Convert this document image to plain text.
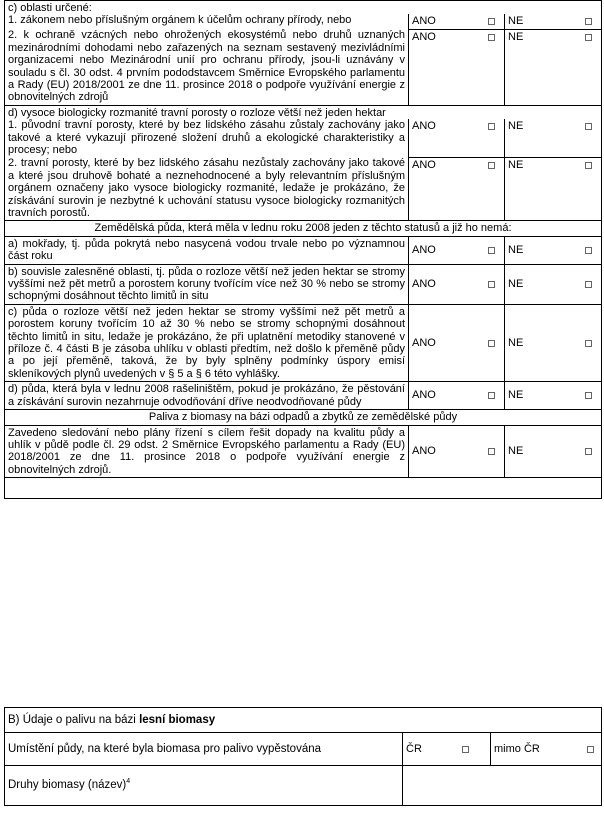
c) oblasti určené:		
1. zákonem nebo příslušným orgánem k účelům ochrany přírody, nebo	ANO	NE

2. k ochraně vzácných nebo ohrožených ekosystémů nebo druhů uznaných mezinárodními dohodami nebo zařazených na seznam sestavený mezivládními organizacemi nebo Mezinárodní unií pro ochranu přírody, jsou-li uznávány v souladu s čl. 30 odst. 4 prvním pododstavcem Směrnice Evropského parlamentu a Rady (EU) 2018/2001 ze dne 11. prosince 2018 o podpoře využívání energie z obnovitelných zdrojů	ANO	NE

d) vysoce biologicky rozmanité travní porosty o rozloze větší než jeden hektar		

1. původní travní porosty, které by bez lidského zásahu zůstaly zachovány jako takové a které vykazují přirozené složení druhů a ekologické charakteristiky a procesy; nebo	ANO	NE

2. travní porosty, které by bez lidského zásahu nezůstaly zachovány jako takové a které jsou druhově bohaté a neznehodnocené a byly relevantním příslušným orgánem označeny jako vysoce biologicky rozmanité, ledaže je prokázáno, že získávání surovin je nezbytné k uchování statusu vysoce biologicky rozmanitých travních porostů.	ANO	NE

Zemědělská půda, která měla v lednu roku 2008 jeden z těchto statusů a již ho nemá:		
a) mokřady, tj. půda pokrytá nebo nasycená vodou trvale nebo po významnou část roku	ANO	NE

b) souvisle zalesněné oblasti, tj. půda o rozloze větší než jeden hektar se stromy vyššími než pět metrů a porostem koruny tvořícím více než 30 % nebo se stromy schopnými dosáhnout těchto limitů in situ	ANO	NE

c) půda o rozloze větší než jeden hektar se stromy vyššími než pět metrů a porostem koruny tvořícím 10 až 30 % nebo se stromy schopnými dosáhnout těchto limitů in situ, ledaže je prokázáno, že při uplatnění metodiky stanovené v příloze č. 4 části B je zásoba uhlíku v oblasti předtím, než došlo k přeměně půdy a po její přeměně, taková, že by byly splněny podmínky úspory emisí skleníkových plynů uvedených v § 5 a § 6 této vyhlášky.	ANO	NE

d) půda, která byla v lednu 2008 rašeliništěm, pokud je prokázáno, že pěstování a získávání surovin nezahrnuje odvodňování dříve neodvodňované půdy	ANO	NE

Paliva z biomasy na bázi odpadů a zbytků ze zemědělské půdy		
Zavedeno sledování nebo plány řízení s cílem řešit dopady na kvalitu půdy a uhlík v půdě podle čl. 29 odst. 2 Směrnice Evropského parlamentu a Rady (EU) 2018/2001 ze dne 11. prosince 2018 o podpoře využívání energie z obnovitelných zdrojů.	ANO	NE

B) Údaje o palivu na bázi lesní biomasy		
Umístění půdy, na které byla biomasa pro palivo vypěstována	ČR	mimo ČR

Druhy biomasy (název)$^4$	
